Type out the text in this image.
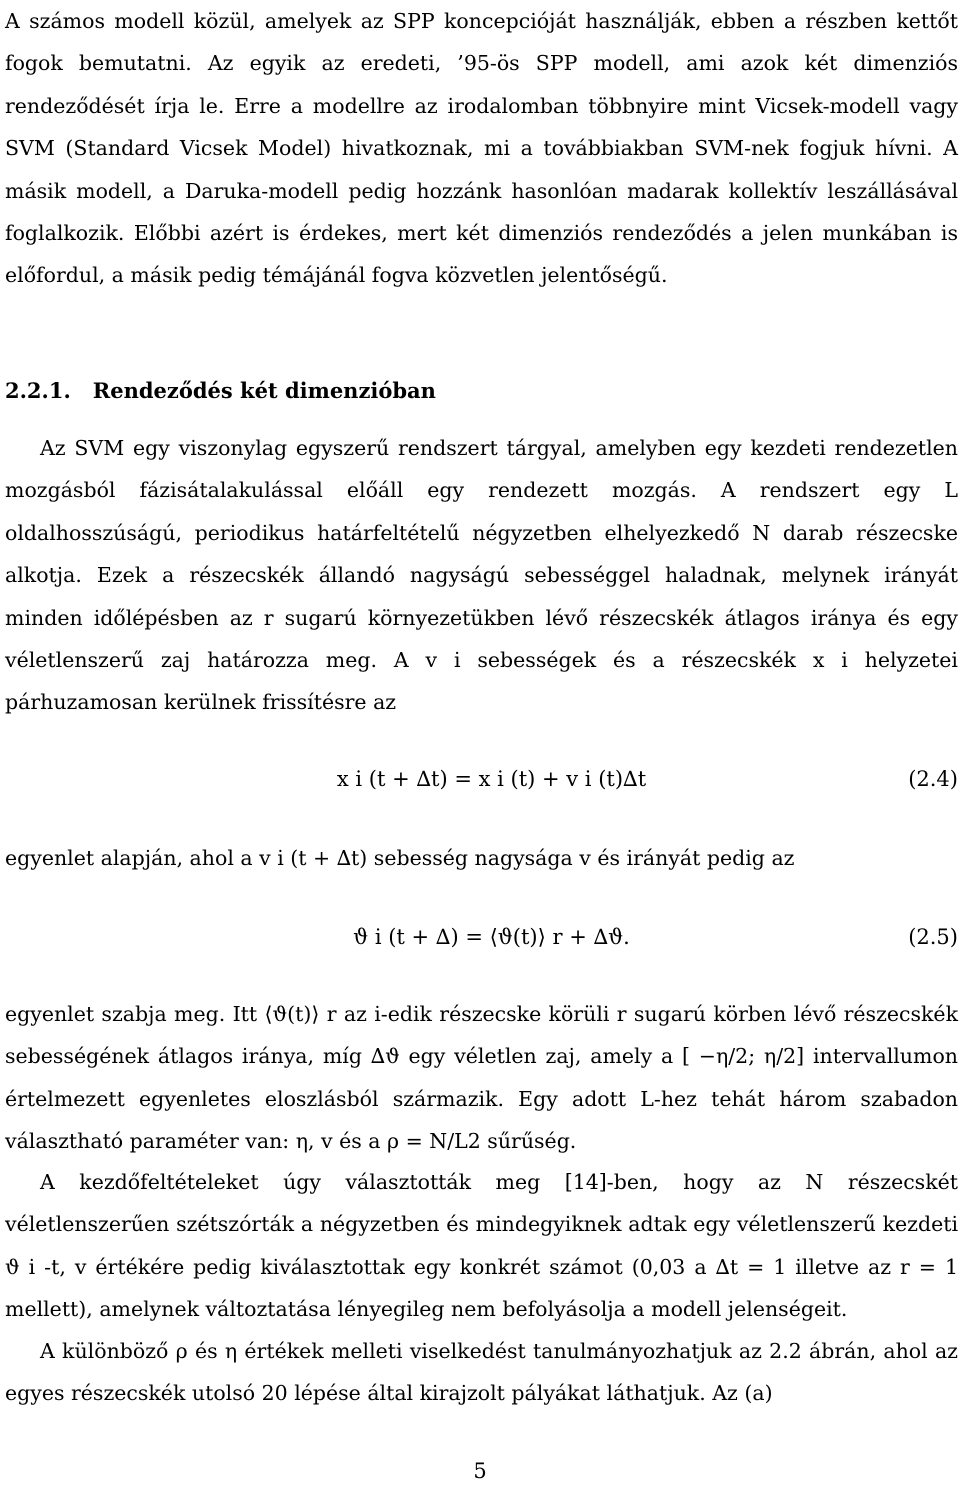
A számos modell közül, amelyek az SPP koncepcióját használják, ebben a részben kettőt fogok bemutatni. Az egyik az eredeti, ’95-ös SPP modell, ami azok két dimenziós rendeződését írja le. Erre a modellre az irodalomban többnyire mint Vicsek-modell vagy SVM (Standard Vicsek Model) hivatkoznak, mi a továbbiakban SVM-nek fogjuk hívni. A másik modell, a Daruka-modell pedig hozzánk hasonlóan madarak kollektív leszállásával foglalkozik. Előbbi azért is érdekes, mert két dimenziós rendeződés a jelen munkában is előfordul, a másik pedig témájánál fogva közvetlen jelentőségű.

2.2.1. Rendeződés két dimenzióban

Az SVM egy viszonylag egyszerű rendszert tárgyal, amelyben egy kezdeti rendezetlen mozgásból fázisátalakulással előáll egy rendezett mozgás. A rendszert egy L oldalhosszúságú, periodikus határfeltételű négyzetben elhelyezkedő N darab részecske alkotja. Ezek a részecskék állandó nagyságú sebességgel haladnak, melynek irányát minden időlépésben az r sugarú környezetükben lévő részecskék átlagos iránya és egy véletlenszerű zaj határozza meg. A v i sebességek és a részecskék x i helyzetei párhuzamosan kerülnek frissítésre az

x i (t + ∆t) = x i (t) + v i (t)∆t	(2.4)

egyenlet alapján, ahol a v i (t + ∆t) sebesség nagysága v és irányát pedig az

ϑ i (t + ∆) = ⟨ϑ(t)⟩ r + ∆ϑ.	(2.5)

egyenlet szabja meg. Itt ⟨ϑ(t)⟩ r az i-edik részecske körüli r sugarú körben lévő részecskék sebességének átlagos iránya, míg ∆ϑ egy véletlen zaj, amely a [ −η/2; η/2] intervallumon értelmezett egyenletes eloszlásból származik. Egy adott L-hez tehát három szabadon választható paraméter van: η, v és a ρ = N/L2 sűrűség.

A kezdőfeltételeket úgy választották meg [14]-ben, hogy az N részecskét véletlenszerűen szétszórták a négyzetben és mindegyiknek adtak egy véletlenszerű kezdeti ϑ i -t, v értékére pedig kiválasztottak egy konkrét számot (0,03 a ∆t = 1 illetve az r = 1 mellett), amelynek változtatása lényegileg nem befolyásolja a modell jelenségeit.

A különböző ρ és η értékek melleti viselkedést tanulmányozhatjuk az 2.2 ábrán, ahol az egyes részecskék utolsó 20 lépése által kirajzolt pályákat láthatjuk. Az (a)

5
